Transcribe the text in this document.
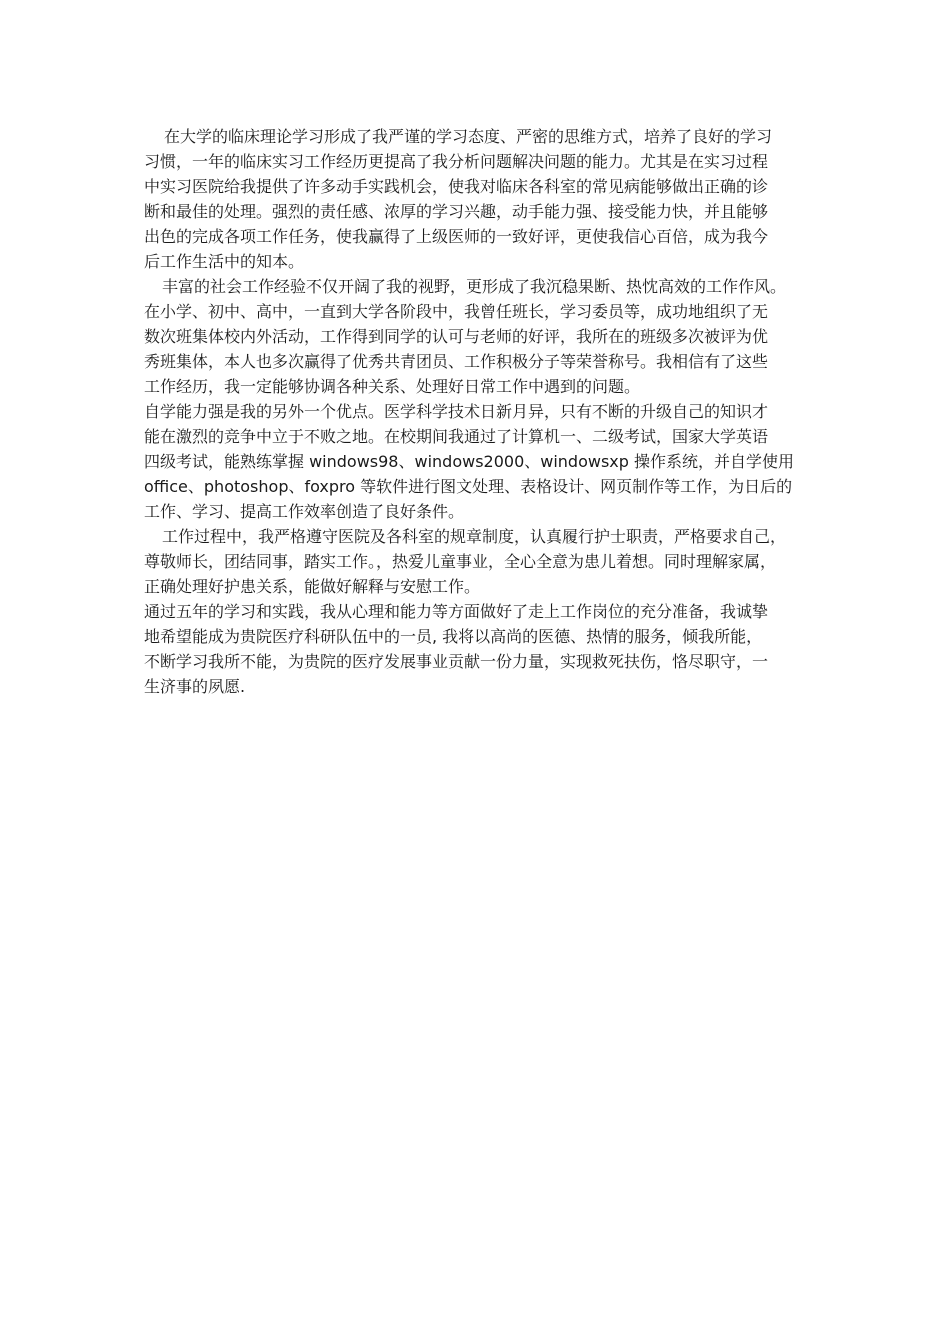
在大学的临床理论学习形成了我严谨的学习态度、严密的思维方式，培养了良好的学习
习惯，一年的临床实习工作经历更提高了我分析问题解决问题的能力。尤其是在实习过程
中实习医院给我提供了许多动手实践机会，使我对临床各科室的常见病能够做出正确的诊
断和最佳的处理。强烈的责任感、浓厚的学习兴趣，动手能力强、接受能力快，并且能够
出色的完成各项工作任务，使我赢得了上级医师的一致好评，更使我信心百倍，成为我今
后工作生活中的知本。
丰富的社会工作经验不仅开阔了我的视野，更形成了我沉稳果断、热忱高效的工作作风。
在小学、初中、高中，一直到大学各阶段中，我曾任班长，学习委员等，成功地组织了无
数次班集体校内外活动，工作得到同学的认可与老师的好评，我所在的班级多次被评为优
秀班集体，本人也多次赢得了优秀共青团员、工作积极分子等荣誉称号。我相信有了这些
工作经历，我一定能够协调各种关系、处理好日常工作中遇到的问题。
自学能力强是我的另外一个优点。医学科学技术日新月异，只有不断的升级自己的知识才
能在激烈的竞争中立于不败之地。在校期间我通过了计算机一、二级考试，国家大学英语
四级考试，能熟练掌握 windows98、windows2000、windowsxp 操作系统，并自学使用
office、photoshop、foxpro 等软件进行图文处理、表格设计、网页制作等工作，为日后的
工作、学习、提高工作效率创造了良好条件。
工作过程中，我严格遵守医院及各科室的规章制度，认真履行护士职责，严格要求自己，
尊敬师长，团结同事，踏实工作。，热爱儿童事业，全心全意为患儿着想。同时理解家属，
正确处理好护患关系，能做好解释与安慰工作。
通过五年的学习和实践，我从心理和能力等方面做好了走上工作岗位的充分准备，我诚挚
地希望能成为贵院医疗科研队伍中的一员, 我将以高尚的医德、热情的服务，倾我所能，
不断学习我所不能，为贵院的医疗发展事业贡献一份力量，实现救死扶伤，恪尽职守，一
生济事的夙愿.
